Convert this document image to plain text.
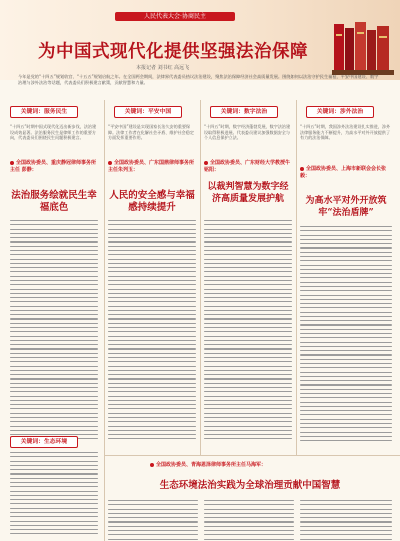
人民代表大会·协商民主
为中国式现代化提供坚强法治保障
本报记者 刘书红 高远飞
今年是党的“十四五”规划收官、“十五五”规划启航之年。在全国两会期间，法律界代表委员热议法治建设，聚焦法治保障经济社会高质量发展。围绕如何以法治守护民生福祉、平安中国建设、数字治理与涉外法治等话题，代表委员们积极建言献策，贡献智慧和力量。
关键词：服务民生
“十四五”时期中国式现代化迈出新步伐，法治建设成效显著。法治服务民生是律师工作的重要方向，代表委员们围绕民生问题积极建言。
全国政协委员、重庆静冠律师事务所主任 彭静：
法治服务绘就民生幸福底色
关键词：平安中国
“平安中国”建设是实现国家长治久安的重要保障。法律工作者在化解社会矛盾、维护社会稳定方面发挥重要作用。
全国政协委员、广东国鼎律师事务所主任朱列玉：
人民的安全感与幸福感持续提升
关键词：数字法治
“十四五”时期，数字经济蓬勃发展，数字法治建设取得积极进展。代表委员建议加强数据安全与个人信息保护立法。
全国政协委员、广东财经大学教授牛铭阳：
以裁判智慧为数字经济高质量发展护航
关键词：涉外法治
“十四五”时期，我国涉外法治建设扎实推进，涉外法律服务能力不断提升，为高水平对外开放提供了有力的法治保障。
全国政协委员、上海市新联会会长张毅：
为高水平对外开放筑牢“法治盾牌”
关键词：生态环境
全国政协委员、青海恩泽律师事务所主任马海军：
生态环境法治实践为全球治理贡献中国智慧
